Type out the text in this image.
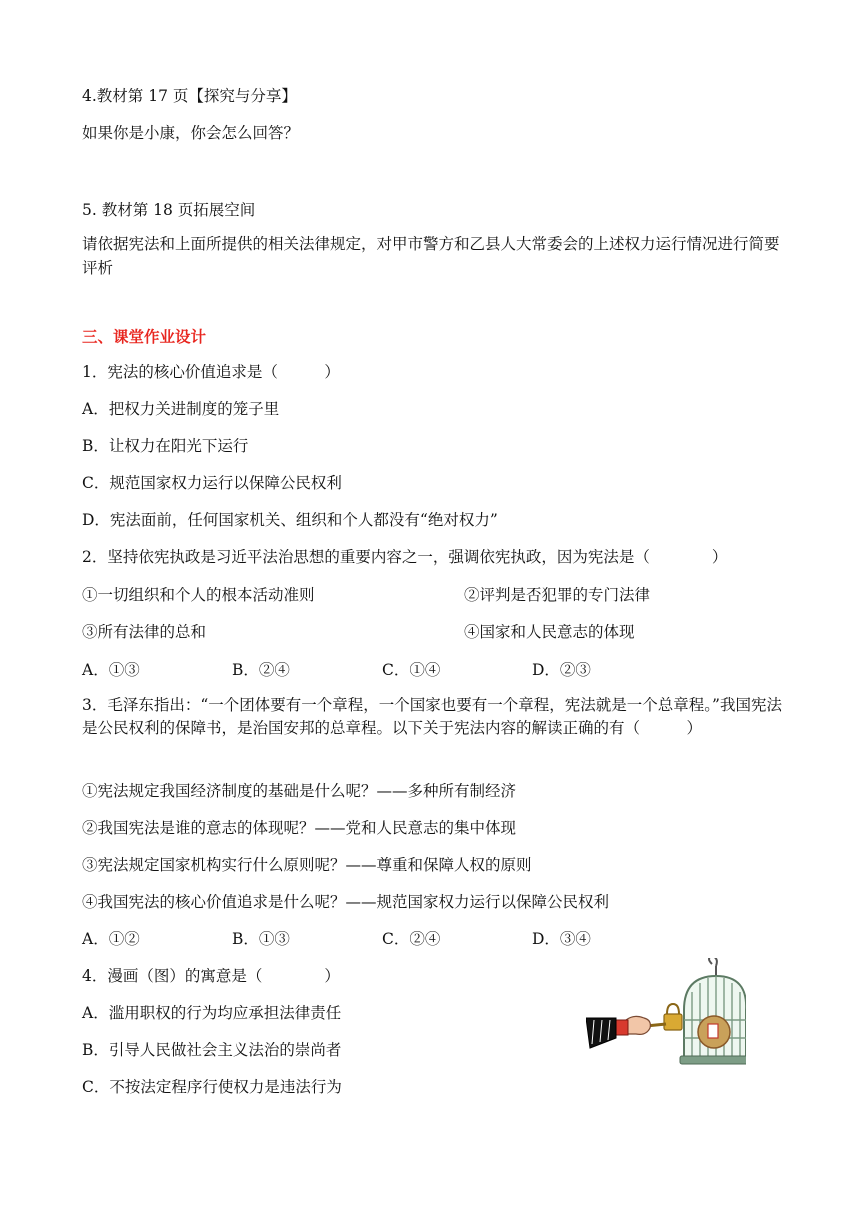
4.教材第 17 页【探究与分享】
如果你是小康，你会怎么回答？
5. 教材第 18 页拓展空间
请依据宪法和上面所提供的相关法律规定，对甲市警方和乙县人大常委会的上述权力运行情况进行简要评析
三、课堂作业设计
1．宪法的核心价值追求是（　　　）
A．把权力关进制度的笼子里
B．让权力在阳光下运行
C．规范国家权力运行以保障公民权利
D．宪法面前，任何国家机关、组织和个人都没有“绝对权力”
2．坚持依宪执政是习近平法治思想的重要内容之一，强调依宪执政，因为宪法是（　　　　）
①一切组织和个人的根本活动准则	②评判是否犯罪的专门法律
③所有法律的总和	④国家和人民意志的体现
A．①③	B．②④	C．①④	D．②③
3．毛泽东指出：“一个团体要有一个章程，一个国家也要有一个章程，宪法就是一个总章程。”我国宪法是公民权利的保障书，是治国安邦的总章程。以下关于宪法内容的解读正确的有（　　　）
①宪法规定我国经济制度的基础是什么呢？——多种所有制经济
②我国宪法是谁的意志的体现呢？——党和人民意志的集中体现
③宪法规定国家机构实行什么原则呢？——尊重和保障人权的原则
④我国宪法的核心价值追求是什么呢？——规范国家权力运行以保障公民权利
A．①②	B．①③	C．②④	D．③④
4．漫画（图）的寓意是（　　　　）
A．滥用职权的行为均应承担法律责任
B．引导人民做社会主义法治的崇尚者
C．不按法定程序行使权力是违法行为
